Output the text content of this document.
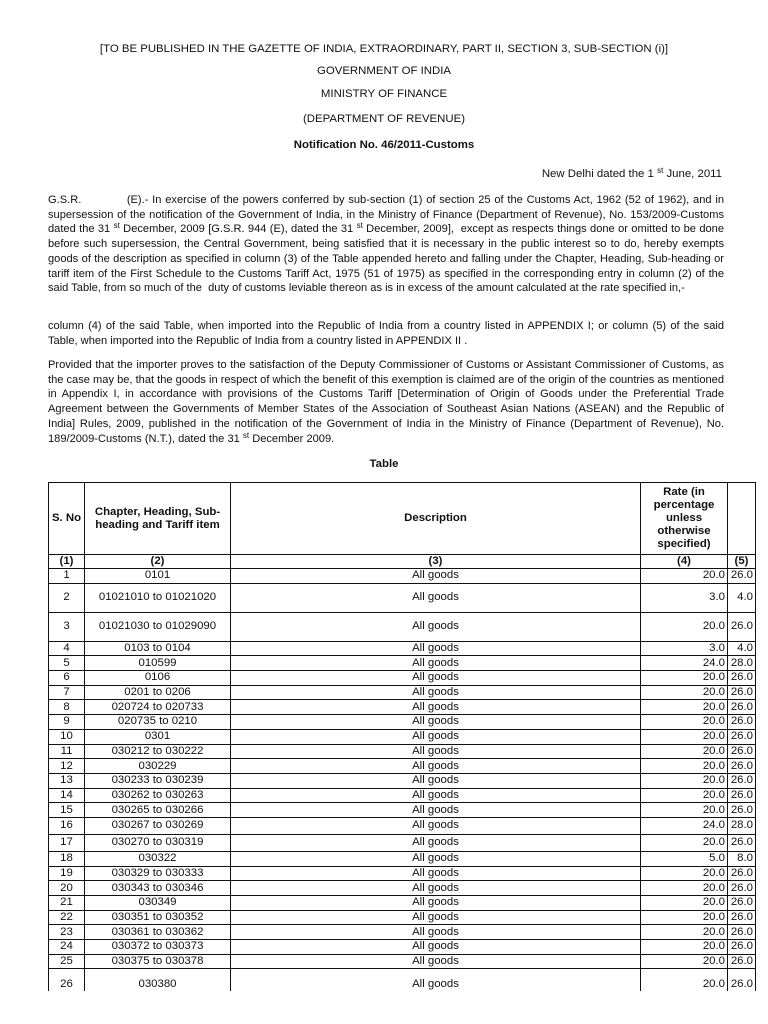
[TO BE PUBLISHED IN THE GAZETTE OF INDIA, EXTRAORDINARY, PART II, SECTION 3, SUB-SECTION (i)]
GOVERNMENT OF INDIA
MINISTRY OF FINANCE
(DEPARTMENT OF REVENUE)
Notification No. 46/2011-Customs
New Delhi dated the 1 $^{st}$ June, 2011
G.S.R.            (E).- In exercise of the powers conferred by sub-section (1) of section 25 of the Customs Act, 1962 (52 of 1962), and in supersession of the notification of the Government of India, in the Ministry of Finance (Department of Revenue), No. 153/2009-Customs dated the 31 $^{st}$ December, 2009 [G.S.R. 944 (E), dated the 31 $^{st}$ December, 2009],  except as respects things done or omitted to be done before such supersession, the Central Government, being satisfied that it is necessary in the public interest so to do, hereby exempts goods of the description as specified in column (3) of the Table appended hereto and falling under the Chapter, Heading, Sub-heading or tariff item of the First Schedule to the Customs Tariff Act, 1975 (51 of 1975) as specified in the corresponding entry in column (2) of the said Table, from so much of the  duty of customs leviable thereon as is in excess of the amount calculated at the rate specified in,-
column (4) of the said Table, when imported into the Republic of India from a country listed in APPENDIX I; or column (5) of the said Table, when imported into the Republic of India from a country listed in APPENDIX II .
Provided that the importer proves to the satisfaction of the Deputy Commissioner of Customs or Assistant Commissioner of Customs, as the case may be, that the goods in respect of which the benefit of this exemption is claimed are of the origin of the countries as mentioned in Appendix I, in accordance with provisions of the Customs Tariff [Determination of Origin of Goods under the Preferential Trade Agreement between the Governments of Member States of the Association of Southeast Asian Nations (ASEAN) and the Republic of India] Rules, 2009, published in the notification of the Government of India in the Ministry of Finance (Department of Revenue), No. 189/2009-Customs (N.T.), dated the 31 $^{st}$ December 2009.
Table
S. No	Chapter, Heading, Sub-heading and Tariff item	Description	Rate (in percentage unless otherwise specified)	
(1)	(2)	(3)	(4)	(5)
1	0101	All goods	20.0	26.0
2	01021010 to 01021020	All goods	3.0	4.0
3	01021030 to 01029090	All goods	20.0	26.0
4	0103 to 0104	All goods	3.0	4.0
5	010599	All goods	24.0	28.0
6	0106	All goods	20.0	26.0
7	0201 to 0206	All goods	20.0	26.0
8	020724 to 020733	All goods	20.0	26.0
9	020735 to 0210	All goods	20.0	26.0
10	0301	All goods	20.0	26.0
11	030212 to 030222	All goods	20.0	26.0
12	030229	All goods	20.0	26.0
13	030233 to 030239	All goods	20.0	26.0
14	030262 to 030263	All goods	20.0	26.0
15	030265 to 030266	All goods	20.0	26.0
16	030267 to 030269	All goods	24.0	28.0
17	030270 to 030319	All goods	20.0	26.0
18	030322	All goods	5.0	8.0
19	030329 to 030333	All goods	20.0	26.0
20	030343 to 030346	All goods	20.0	26.0
21	030349	All goods	20.0	26.0
22	030351 to 030352	All goods	20.0	26.0
23	030361 to 030362	All goods	20.0	26.0
24	030372 to 030373	All goods	20.0	26.0
25	030375 to 030378	All goods	20.0	26.0
26	030380	All goods	20.0	26.0
